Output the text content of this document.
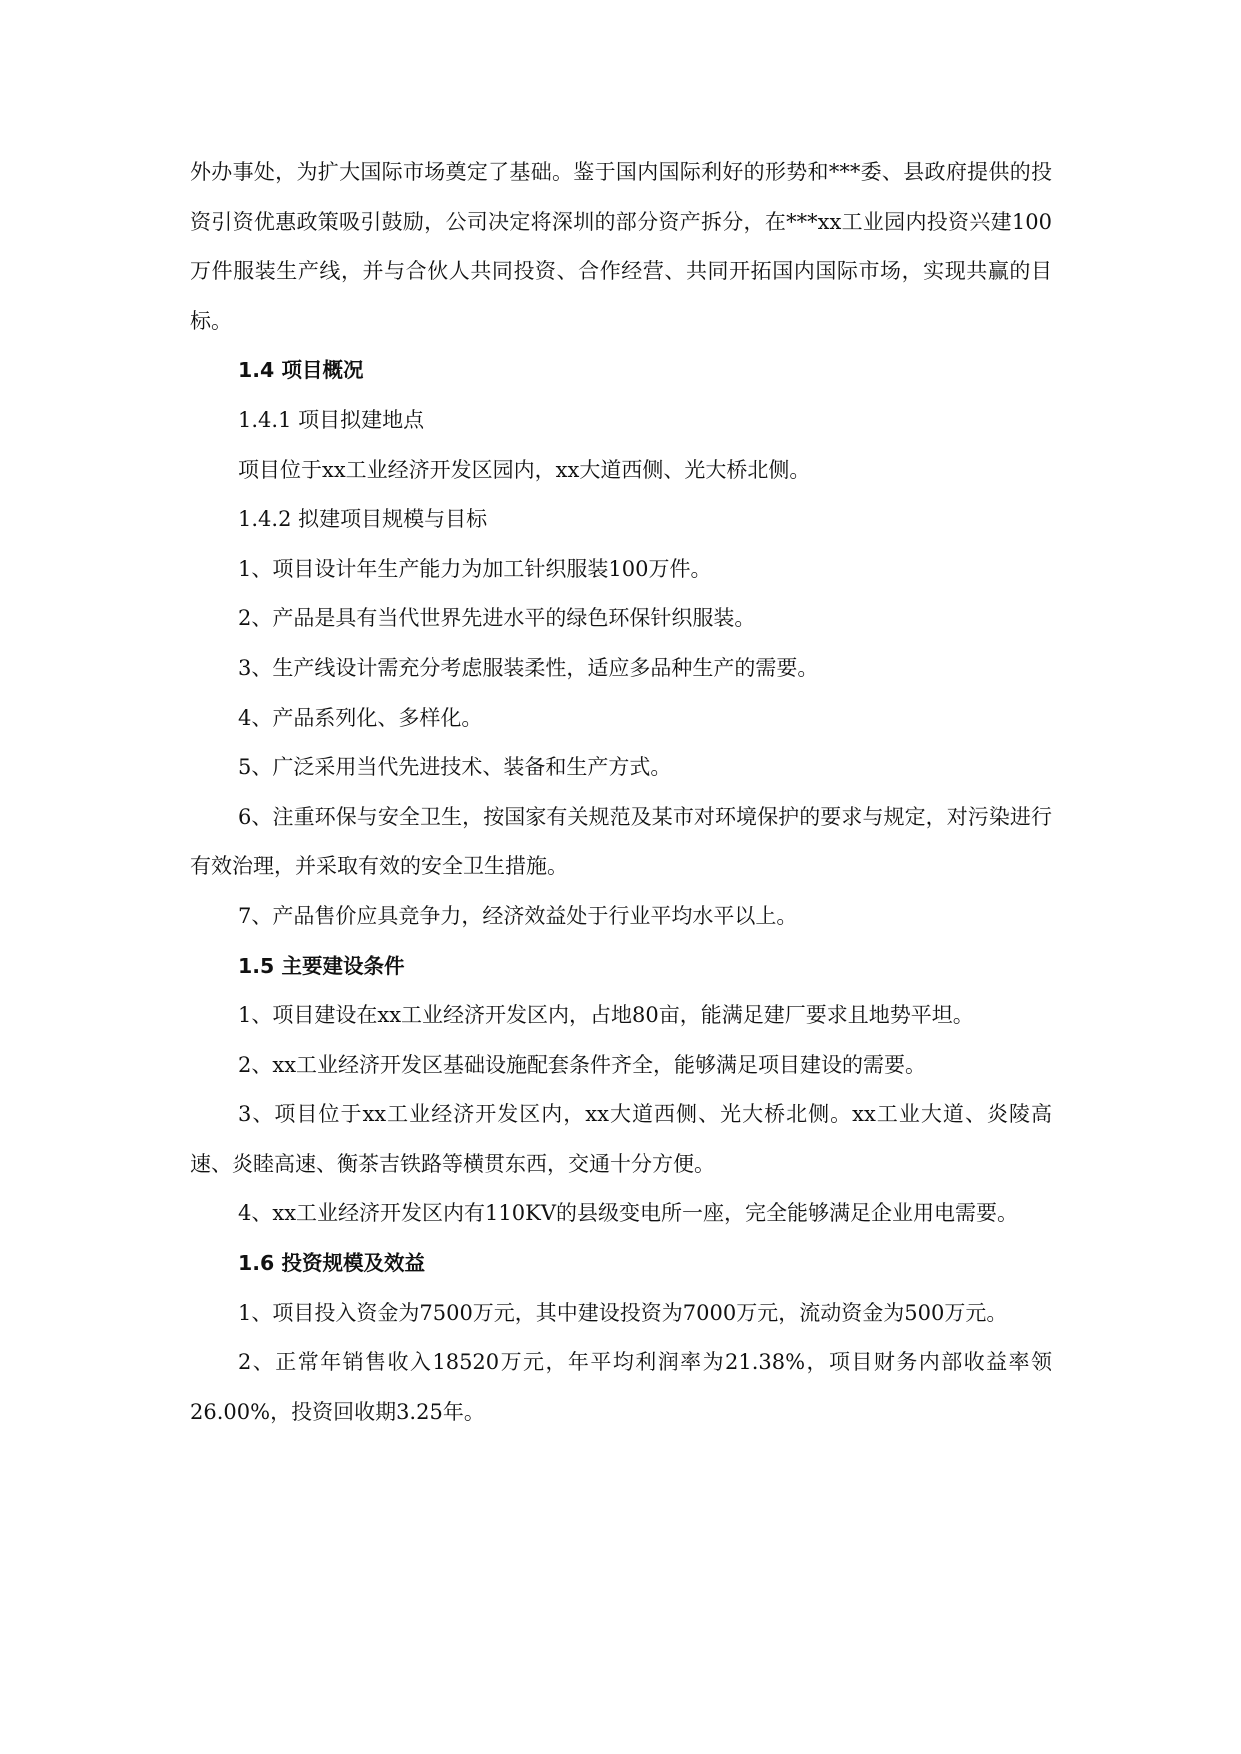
外办事处，为扩大国际市场奠定了基础。鉴于国内国际利好的形势和***委、县政府提供的投资引资优惠政策吸引鼓励，公司决定将深圳的部分资产拆分，在***xx工业园内投资兴建100万件服装生产线，并与合伙人共同投资、合作经营、共同开拓国内国际市场，实现共赢的目标。

1.4 项目概况

1.4.1 项目拟建地点

项目位于xx工业经济开发区园内，xx大道西侧、光大桥北侧。

1.4.2 拟建项目规模与目标

1、项目设计年生产能力为加工针织服装100万件。

2、产品是具有当代世界先进水平的绿色环保针织服装。

3、生产线设计需充分考虑服装柔性，适应多品种生产的需要。

4、产品系列化、多样化。

5、广泛采用当代先进技术、装备和生产方式。

6、注重环保与安全卫生，按国家有关规范及某市对环境保护的要求与规定，对污染进行有效治理，并采取有效的安全卫生措施。

7、产品售价应具竞争力，经济效益处于行业平均水平以上。

1.5 主要建设条件

1、项目建设在xx工业经济开发区内，占地80亩，能满足建厂要求且地势平坦。

2、xx工业经济开发区基础设施配套条件齐全，能够满足项目建设的需要。

3、项目位于xx工业经济开发区内，xx大道西侧、光大桥北侧。xx工业大道、炎陵高速、炎睦高速、衡茶吉铁路等横贯东西，交通十分方便。

4、xx工业经济开发区内有110KV的县级变电所一座，完全能够满足企业用电需要。

1.6 投资规模及效益

1、项目投入资金为7500万元，其中建设投资为7000万元，流动资金为500万元。

2、正常年销售收入18520万元，年平均利润率为21.38%，项目财务内部收益率领26.00%，投资回收期3.25年。
